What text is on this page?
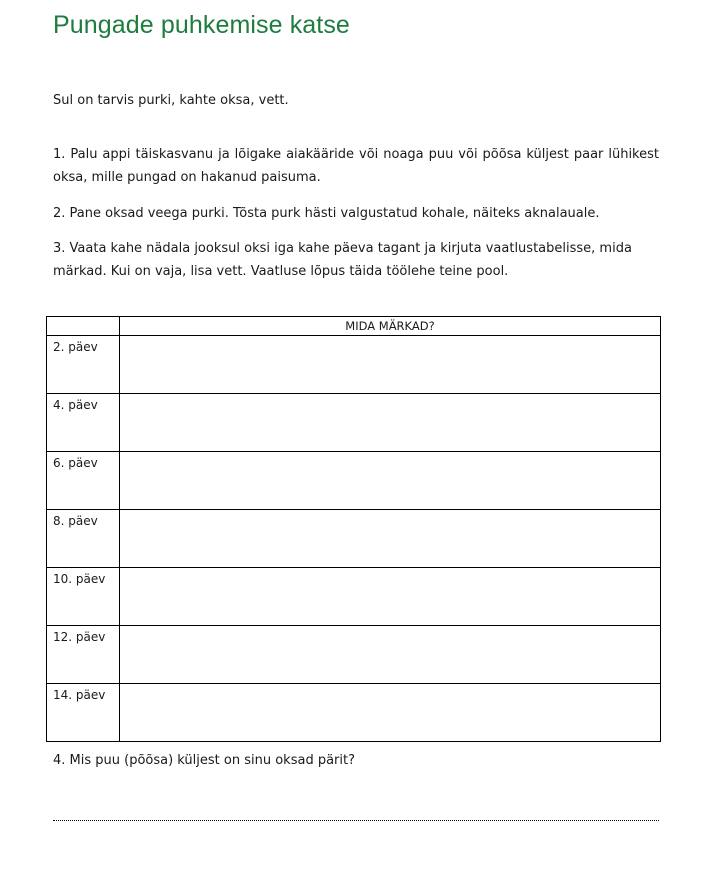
Pungade puhkemise katse
Sul on tarvis purki, kahte oksa, vett.
1. Palu appi täiskasvanu ja lõigake aiakääride või noaga puu või põõsa küljest paar lühikest oksa, mille pungad on hakanud paisuma.
2. Pane oksad veega purki. Tõsta purk hästi valgustatud kohale, näiteks aknalauale.
3. Vaata kahe nädala jooksul oksi iga kahe päeva tagant ja kirjuta vaatlustabelisse, mida märkad. Kui on vaja, lisa vett. Vaatluse lõpus täida töölehe teine pool.
	MIDA MÄRKAD?
2. päev	
4. päev	
6. päev	
8. päev	
10. päev	
12. päev	
14. päev	
4. Mis puu (põõsa) küljest on sinu oksad pärit?
